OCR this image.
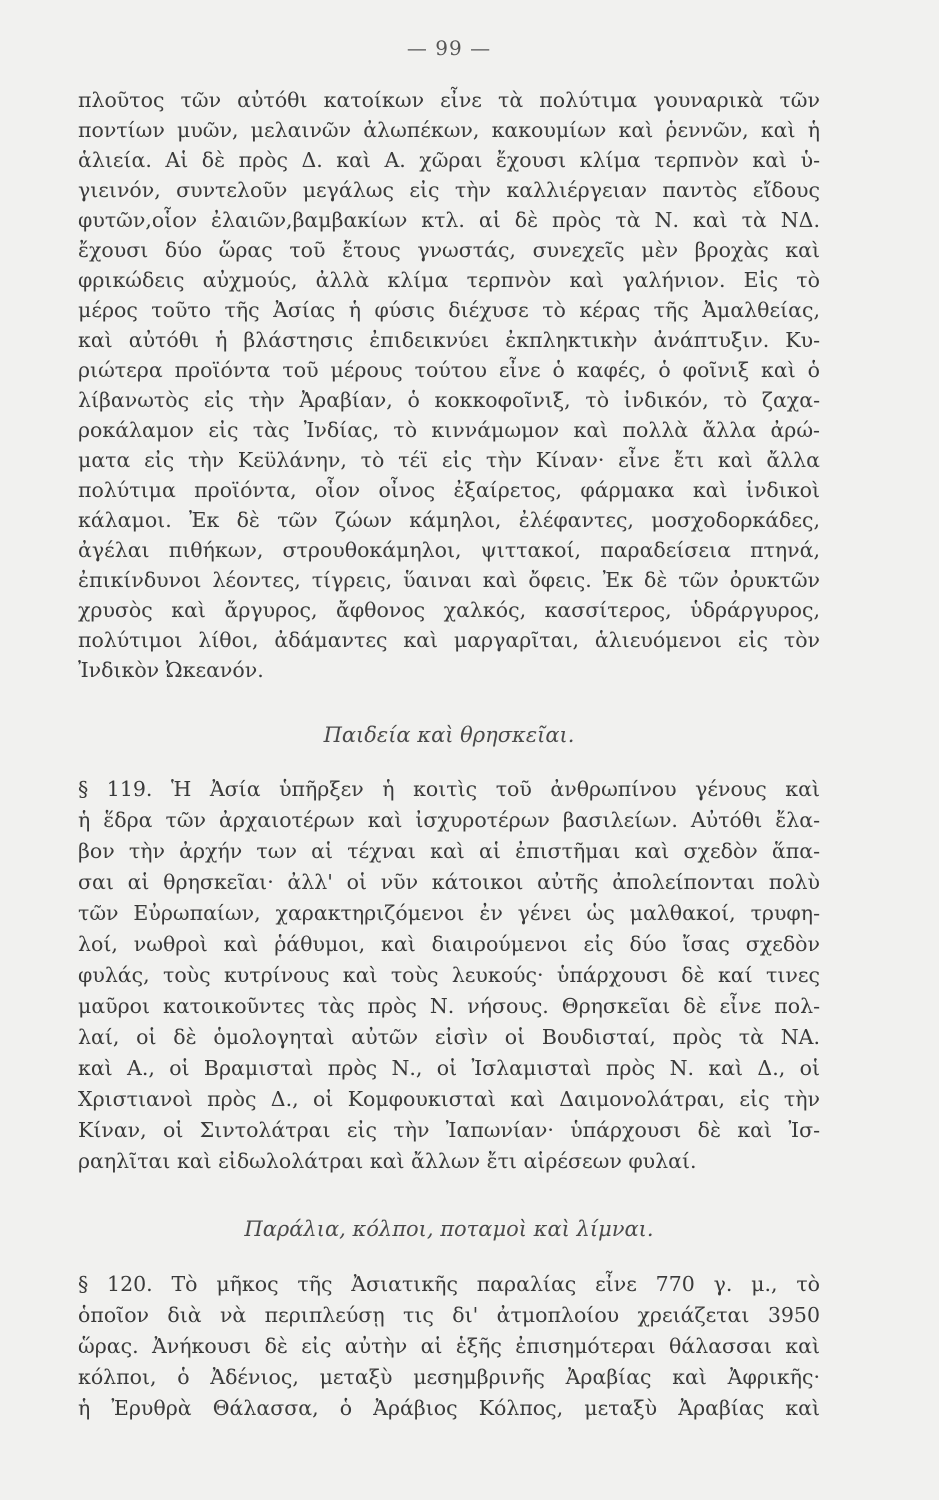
— 99 —
πλοῦτος τῶν αὐτόθι κατοίκων εἶνε τὰ πολύτιμα γουναρικὰ τῶν
ποντίων μυῶν, μελαινῶν ἀλωπέκων, κακουμίων καὶ ῥεννῶν, καὶ ἡ
ἁλιεία. Αἱ δὲ πρὸς Δ. καὶ Α. χῶραι ἔχουσι κλίμα τερπνὸν καὶ ὑ-
γιεινόν, συντελοῦν μεγάλως εἰς τὴν καλλιέργειαν παντὸς εἴδους
φυτῶν,οἷον ἐλαιῶν,βαμβακίων κτλ. αἱ δὲ πρὸς τὰ Ν. καὶ τὰ ΝΔ.
ἔχουσι δύο ὥρας τοῦ ἔτους γνωστάς, συνεχεῖς μὲν βροχὰς καὶ
φρικώδεις αὐχμούς, ἀλλὰ κλίμα τερπνὸν καὶ γαλήνιον. Εἰς τὸ
μέρος τοῦτο τῆς Ἀσίας ἡ φύσις διέχυσε τὸ κέρας τῆς Ἀμαλθείας,
καὶ αὐτόθι ἡ βλάστησις ἐπιδεικνύει ἐκπληκτικὴν ἀνάπτυξιν. Κυ-
ριώτερα προϊόντα τοῦ μέρους τούτου εἶνε ὁ καφές, ὁ φοῖνιξ καὶ ὁ
λίβανωτὸς εἰς τὴν Ἀραβίαν, ὁ κοκκοφοῖνιξ, τὸ ἰνδικόν, τὸ ζαχα-
ροκάλαμον εἰς τὰς Ἰνδίας, τὸ κιννάμωμον καὶ πολλὰ ἄλλα ἀρώ-
ματα εἰς τὴν Κεϋλάνην, τὸ τέϊ εἰς τὴν Κίναν· εἶνε ἔτι καὶ ἄλλα
πολύτιμα προϊόντα, οἷον οἶνος ἐξαίρετος, φάρμακα καὶ ἰνδικοὶ
κάλαμοι. Ἐκ δὲ τῶν ζώων κάμηλοι, ἐλέφαντες, μοσχοδορκάδες,
ἀγέλαι πιθήκων, στρουθοκάμηλοι, ψιττακοί, παραδείσεια πτηνά,
ἐπικίνδυνοι λέοντες, τίγρεις, ὕαιναι καὶ ὄφεις. Ἐκ δὲ τῶν ὀρυκτῶν
χρυσὸς καὶ ἄργυρος, ἄφθονος χαλκός, κασσίτερος, ὑδράργυρος,
πολύτιμοι λίθοι, ἀδάμαντες καὶ μαργαρῖται, ἁλιευόμενοι εἰς τὸν
Ἰνδικὸν Ὠκεανόν.
Παιδεία καὶ θρησκεῖαι.
§ 119. Ἡ Ἀσία ὑπῆρξεν ἡ κοιτὶς τοῦ ἀνθρωπίνου γένους καὶ
ἡ ἕδρα τῶν ἀρχαιοτέρων καὶ ἰσχυροτέρων βασιλείων. Αὐτόθι ἔλα-
βον τὴν ἀρχήν των αἱ τέχναι καὶ αἱ ἐπιστῆμαι καὶ σχεδὸν ἅπα-
σαι αἱ θρησκεῖαι· ἀλλ' οἱ νῦν κάτοικοι αὐτῆς ἀπολείπονται πολὺ
τῶν Εὐρωπαίων, χαρακτηριζόμενοι ἐν γένει ὡς μαλθακοί, τρυφη-
λοί, νωθροὶ καὶ ῥάθυμοι, καὶ διαιρούμενοι εἰς δύο ἴσας σχεδὸν
φυλάς, τοὺς κυτρίνους καὶ τοὺς λευκούς· ὑπάρχουσι δὲ καί τινες
μαῦροι κατοικοῦντες τὰς πρὸς Ν. νήσους. Θρησκεῖαι δὲ εἶνε πολ-
λαί, οἱ δὲ ὁμολογηταὶ αὐτῶν εἰσὶν οἱ Βουδισταί, πρὸς τὰ ΝΑ.
καὶ Α., οἱ Βραμισταὶ πρὸς Ν., οἱ Ἰσλαμισταὶ πρὸς Ν. καὶ Δ., οἱ
Χριστιανοὶ πρὸς Δ., οἱ Κομφουκισταὶ καὶ Δαιμονολάτραι, εἰς τὴν
Κίναν, οἱ Σιντολάτραι εἰς τὴν Ἰαπωνίαν· ὑπάρχουσι δὲ καὶ Ἰσ-
ραηλῖται καὶ εἰδωλολάτραι καὶ ἄλλων ἔτι αἱρέσεων φυλαί.
Παράλια, κόλποι, ποταμοὶ καὶ λίμναι.
§ 120. Τὸ μῆκος τῆς Ἀσιατικῆς παραλίας εἶνε 770 γ. μ., τὸ
ὁποῖον διὰ νὰ περιπλεύσῃ τις δι' ἀτμοπλοίου χρειάζεται 3950
ὥρας. Ἀνήκουσι δὲ εἰς αὐτὴν αἱ ἑξῆς ἐπισημότεραι θάλασσαι καὶ
κόλποι, ὁ Ἀδένιος, μεταξὺ μεσημβρινῆς Ἀραβίας καὶ Ἀφρικῆς·
ἡ Ἐρυθρὰ Θάλασσα, ὁ Ἀράβιος Κόλπος, μεταξὺ Ἀραβίας καὶ
